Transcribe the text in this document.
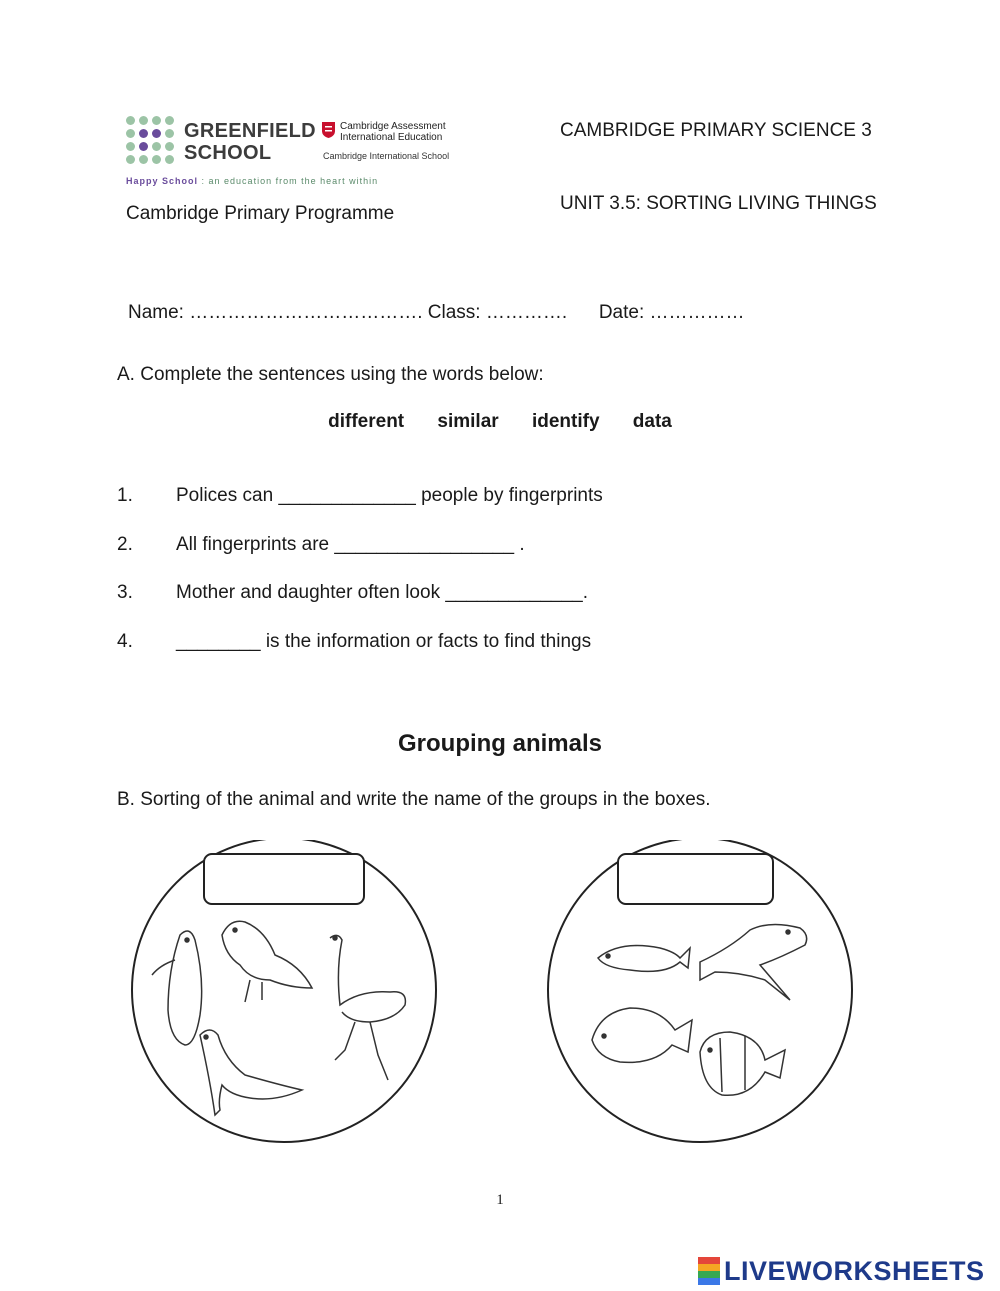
GREENFIELD
SCHOOL
Cambridge Assessment
International Education
Cambridge International School
Happy School : an education from the heart within
Cambridge Primary Programme
CAMBRIDGE PRIMARY SCIENCE 3
UNIT 3.5: SORTING LIVING THINGS
Name: ………………………………. Class: ………….      Date: ……………
A. Complete the sentences using the words below:
different similar identify data
1. Polices can _____________ people by fingerprints
2. All fingerprints are _________________ .
3. Mother and daughter often look _____________.
4. ________ is the information or facts to find things
Grouping animals
B. Sorting of the animal and write the name of the groups in the boxes.
1
LIVEWORKSHEETS
